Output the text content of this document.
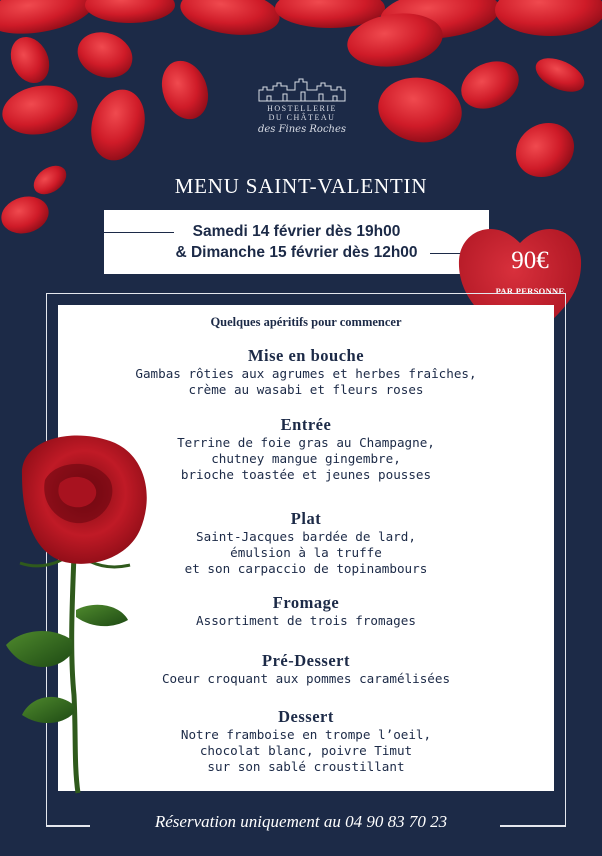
HOSTELLERIE
DU CHÂTEAU
des Fines Roches
MENU SAINT-VALENTIN
Samedi 14 février dès 19h00
& Dimanche 15 février dès 12h00	90€
PAR PERSONNE
Quelques apéritifs pour commencer
Mise en bouche
Gambas rôties aux agrumes et herbes fraîches,
crème au wasabi et fleurs roses
Entrée
Terrine de foie gras au Champagne,
chutney mangue gingembre,
brioche toastée et jeunes pousses
Plat
Saint-Jacques bardée de lard,
émulsion à la truffe
et son carpaccio de topinambours
Fromage
Assortiment de trois fromages
Pré-Dessert
Coeur croquant aux pommes caramélisées
Dessert
Notre framboise en trompe l’oeil,
chocolat blanc, poivre Timut
sur son sablé croustillant
Réservation uniquement au 04 90 83 70 23
